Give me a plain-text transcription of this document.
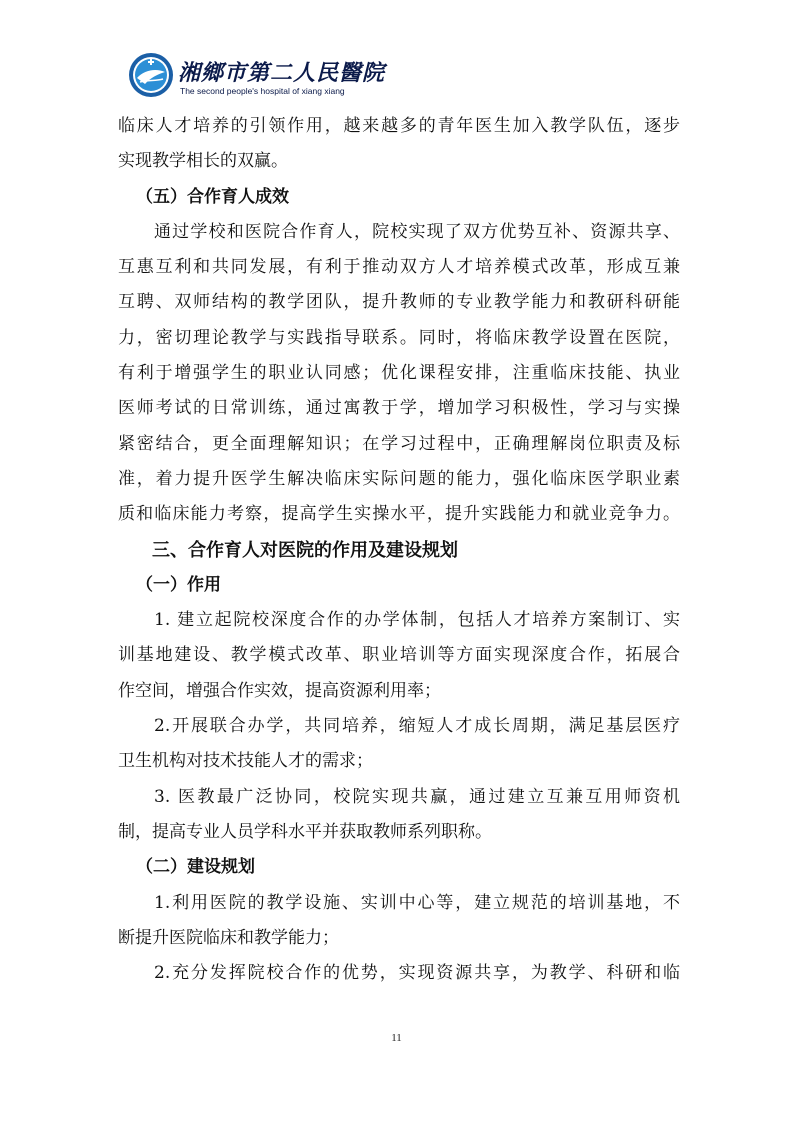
湘鄉市第二人民醫院
The second people's hospital of xiang xiang
临床人才培养的引领作用，越来越多的青年医生加入教学队伍，逐步
实现教学相长的双赢。
（五）合作育人成效
通过学校和医院合作育人，院校实现了双方优势互补、资源共享、
互惠互利和共同发展，有利于推动双方人才培养模式改革，形成互兼
互聘、双师结构的教学团队，提升教师的专业教学能力和教研科研能
力，密切理论教学与实践指导联系。同时，将临床教学设置在医院，
有利于增强学生的职业认同感；优化课程安排，注重临床技能、执业
医师考试的日常训练，通过寓教于学，增加学习积极性，学习与实操
紧密结合，更全面理解知识；在学习过程中，正确理解岗位职责及标
准，着力提升医学生解决临床实际问题的能力，强化临床医学职业素
质和临床能力考察，提高学生实操水平，提升实践能力和就业竞争力。
三、合作育人对医院的作用及建设规划
（一）作用
1. 建立起院校深度合作的办学体制，包括人才培养方案制订、实
训基地建设、教学模式改革、职业培训等方面实现深度合作，拓展合
作空间，增强合作实效，提高资源利用率；
2.开展联合办学，共同培养，缩短人才成长周期，满足基层医疗
卫生机构对技术技能人才的需求；
3. 医教最广泛协同，校院实现共赢，通过建立互兼互用师资机
制，提高专业人员学科水平并获取教师系列职称。
（二）建设规划
1.利用医院的教学设施、实训中心等，建立规范的培训基地，不
断提升医院临床和教学能力；
2.充分发挥院校合作的优势，实现资源共享，为教学、科研和临
11
